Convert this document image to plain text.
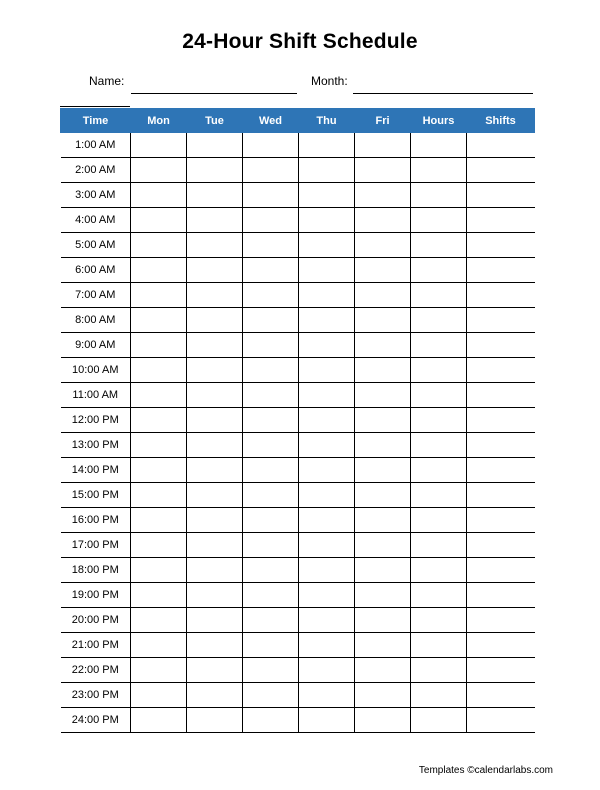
24-Hour Shift Schedule
Name:	Month:
Time	Mon	Tue	Wed	Thu	Fri	Hours	Shifts
1:00 AM							
2:00 AM							
3:00 AM							
4:00 AM							
5:00 AM							
6:00 AM							
7:00 AM							
8:00 AM							
9:00 AM							
10:00 AM							
11:00 AM							
12:00 PM							
13:00 PM							
14:00 PM							
15:00 PM							
16:00 PM							
17:00 PM							
18:00 PM							
19:00 PM							
20:00 PM							
21:00 PM							
22:00 PM							
23:00 PM							
24:00 PM							
Templates ©calendarlabs.com
